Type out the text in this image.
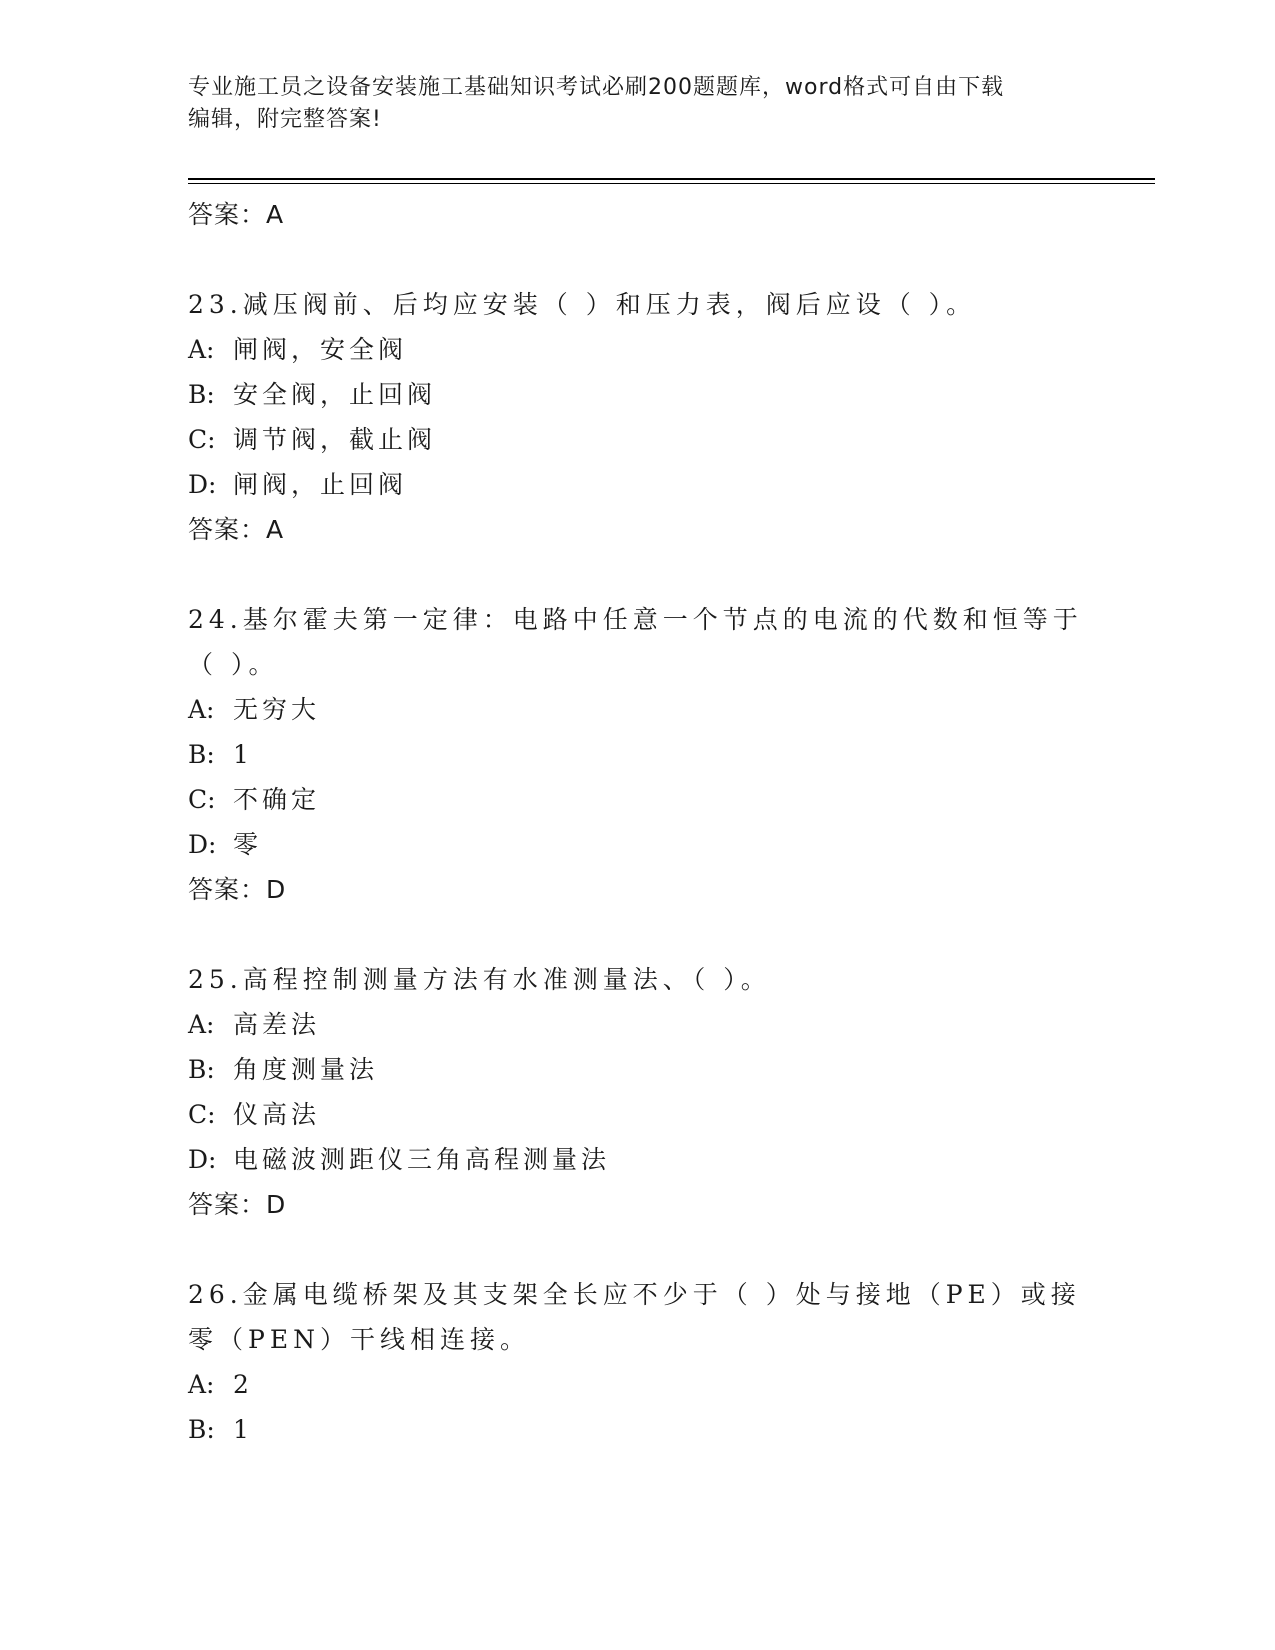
专业施工员之设备安装施工基础知识考试必刷200题题库，word格式可自由下载
编辑，附完整答案!
答案：A
23.减压阀前、后均应安装（ ）和压力表，阀后应设（ ）。
A: 闸阀，安全阀
B: 安全阀，止回阀
C: 调节阀，截止阀
D: 闸阀，止回阀
答案：A
24.基尔霍夫第一定律：电路中任意一个节点的电流的代数和恒等于（ ）。
A: 无穷大
B: 1
C: 不确定
D: 零
答案：D
25.高程控制测量方法有水准测量法、（ ）。
A: 高差法
B: 角度测量法
C: 仪高法
D: 电磁波测距仪三角高程测量法
答案：D
26.金属电缆桥架及其支架全长应不少于（ ）处与接地（PE）或接零（PEN）干线相连接。
A: 2
B: 1
